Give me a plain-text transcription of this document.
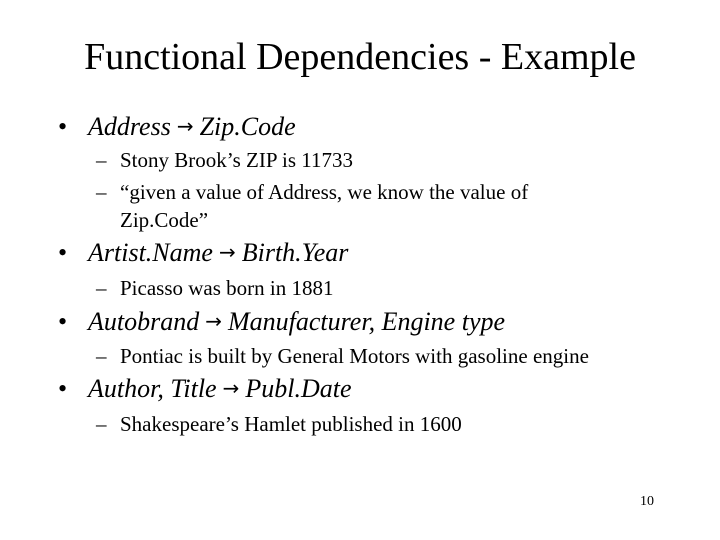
Functional Dependencies - Example
• Address → Zip.Code
– Stony Brook’s ZIP is 11733
– “given a value of Address, we know the value of
Zip.Code”
• Artist.Name → Birth.Year
– Picasso was born in 1881
• Autobrand → Manufacturer, Engine type
– Pontiac is built by General Motors with gasoline engine
• Author, Title → Publ.Date
– Shakespeare’s Hamlet published in 1600
10
